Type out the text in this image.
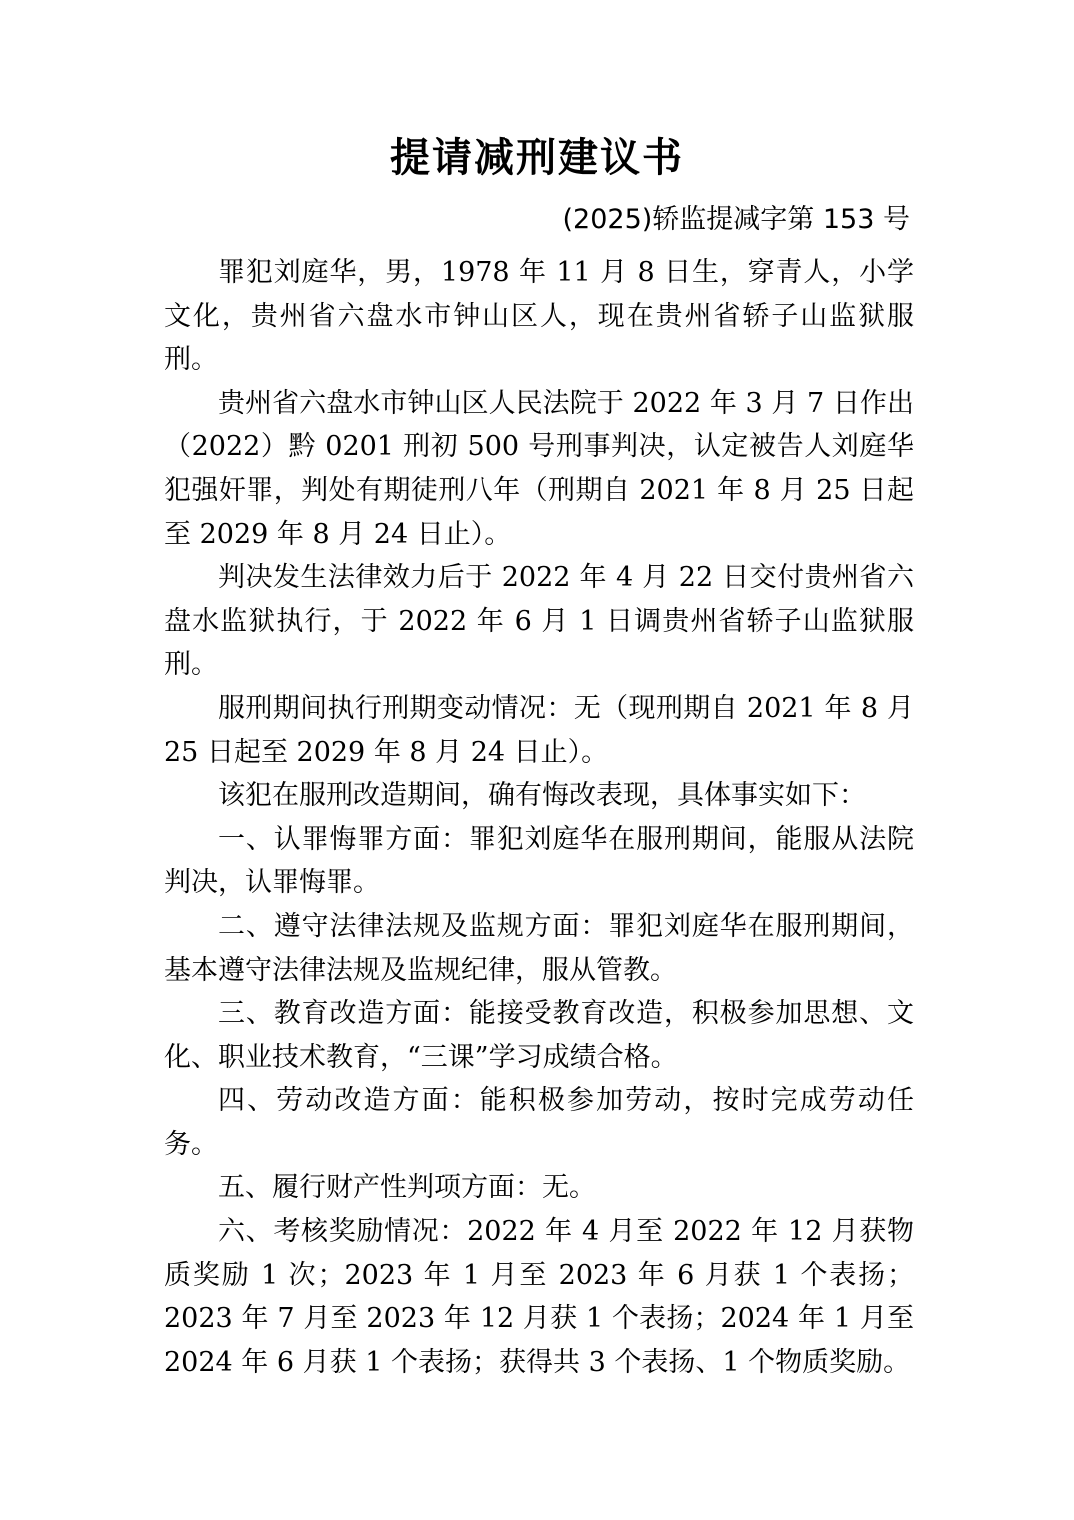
提请减刑建议书
(2025)轿监提减字第 153 号

罪犯刘庭华，男，1978 年 11 月 8 日生，穿青人，小学文化，贵州省六盘水市钟山区人，现在贵州省轿子山监狱服刑。

贵州省六盘水市钟山区人民法院于 2022 年 3 月 7 日作出（2022）黔 0201 刑初 500 号刑事判决，认定被告人刘庭华犯强奸罪，判处有期徒刑八年（刑期自 2021 年 8 月 25 日起至 2029 年 8 月 24 日止）。

判决发生法律效力后于 2022 年 4 月 22 日交付贵州省六盘水监狱执行，于 2022 年 6 月 1 日调贵州省轿子山监狱服刑。

服刑期间执行刑期变动情况：无（现刑期自 2021 年 8 月 25 日起至 2029 年 8 月 24 日止）。

该犯在服刑改造期间，确有悔改表现，具体事实如下：

一、认罪悔罪方面：罪犯刘庭华在服刑期间，能服从法院判决，认罪悔罪。

二、遵守法律法规及监规方面：罪犯刘庭华在服刑期间，基本遵守法律法规及监规纪律，服从管教。

三、教育改造方面：能接受教育改造，积极参加思想、文化、职业技术教育，“三课”学习成绩合格。

四、劳动改造方面：能积极参加劳动，按时完成劳动任务。

五、履行财产性判项方面：无。

六、考核奖励情况：2022 年 4 月至 2022 年 12 月获物质奖励 1 次；2023 年 1 月至 2023 年 6 月获 1 个表扬；2023 年 7 月至 2023 年 12 月获 1 个表扬；2024 年 1 月至 2024 年 6 月获 1 个表扬；获得共 3 个表扬、1 个物质奖励。
